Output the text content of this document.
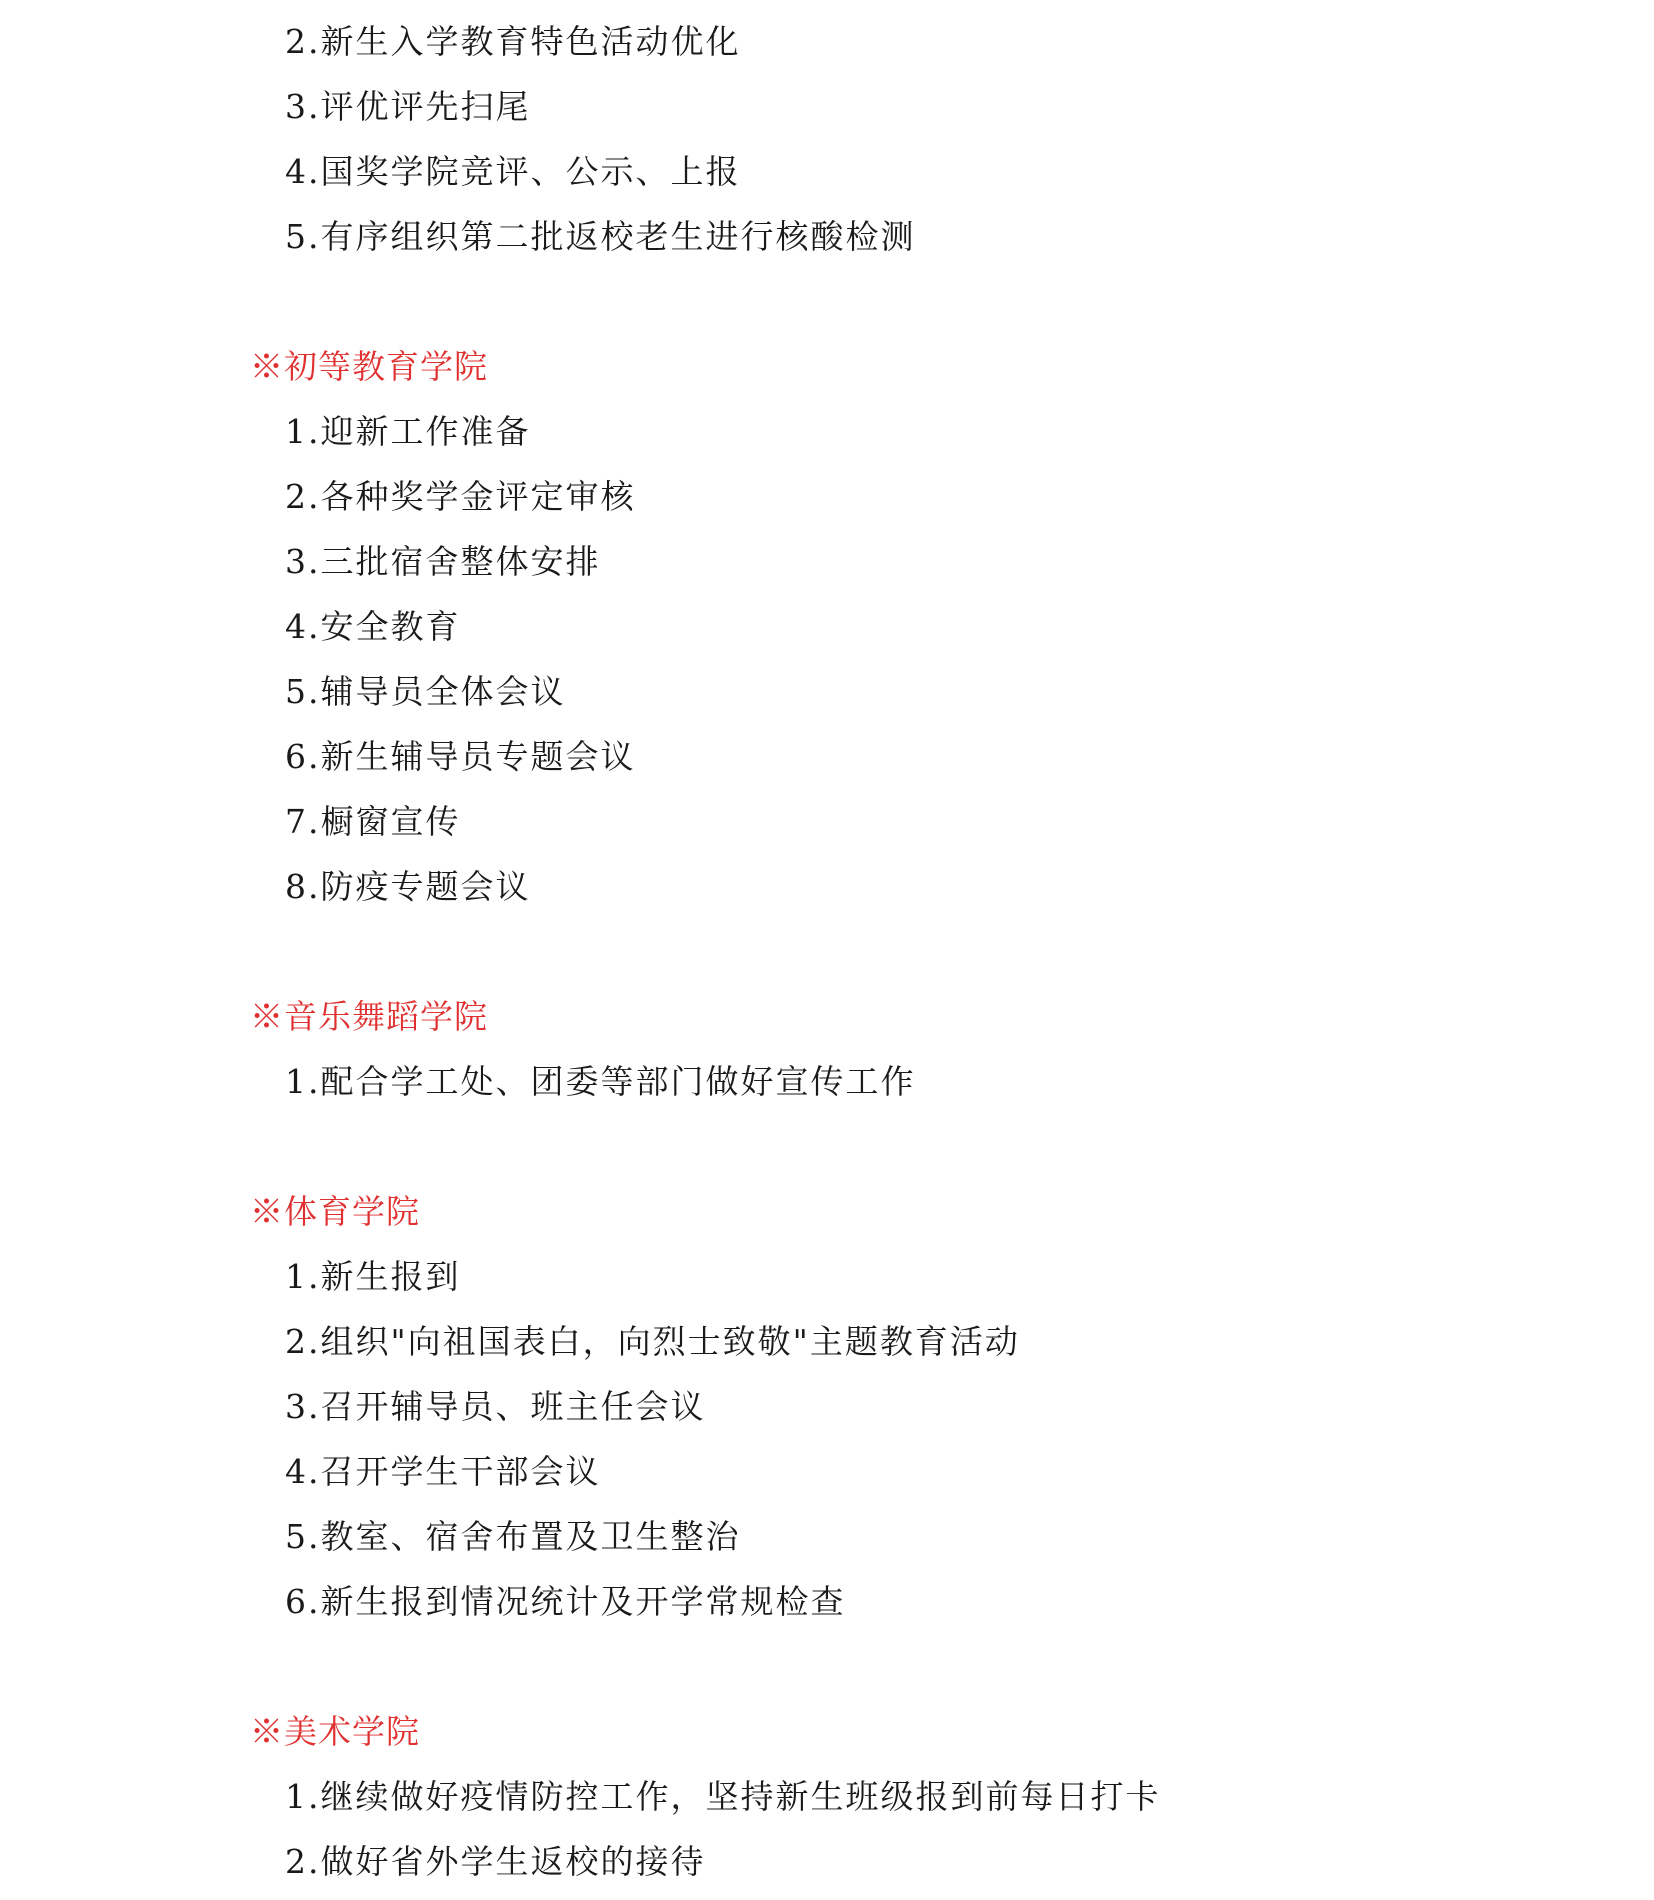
2.新生入学教育特色活动优化
3.评优评先扫尾
4.国奖学院竞评、公示、上报
5.有序组织第二批返校老生进行核酸检测
※初等教育学院
1.迎新工作准备
2.各种奖学金评定审核
3.三批宿舍整体安排
4.安全教育
5.辅导员全体会议
6.新生辅导员专题会议
7.橱窗宣传
8.防疫专题会议
※音乐舞蹈学院
1.配合学工处、团委等部门做好宣传工作
※体育学院
1.新生报到
2.组织"向祖国表白，向烈士致敬"主题教育活动
3.召开辅导员、班主任会议
4.召开学生干部会议
5.教室、宿舍布置及卫生整治
6.新生报到情况统计及开学常规检查
※美术学院
1.继续做好疫情防控工作，坚持新生班级报到前每日打卡
2.做好省外学生返校的接待
